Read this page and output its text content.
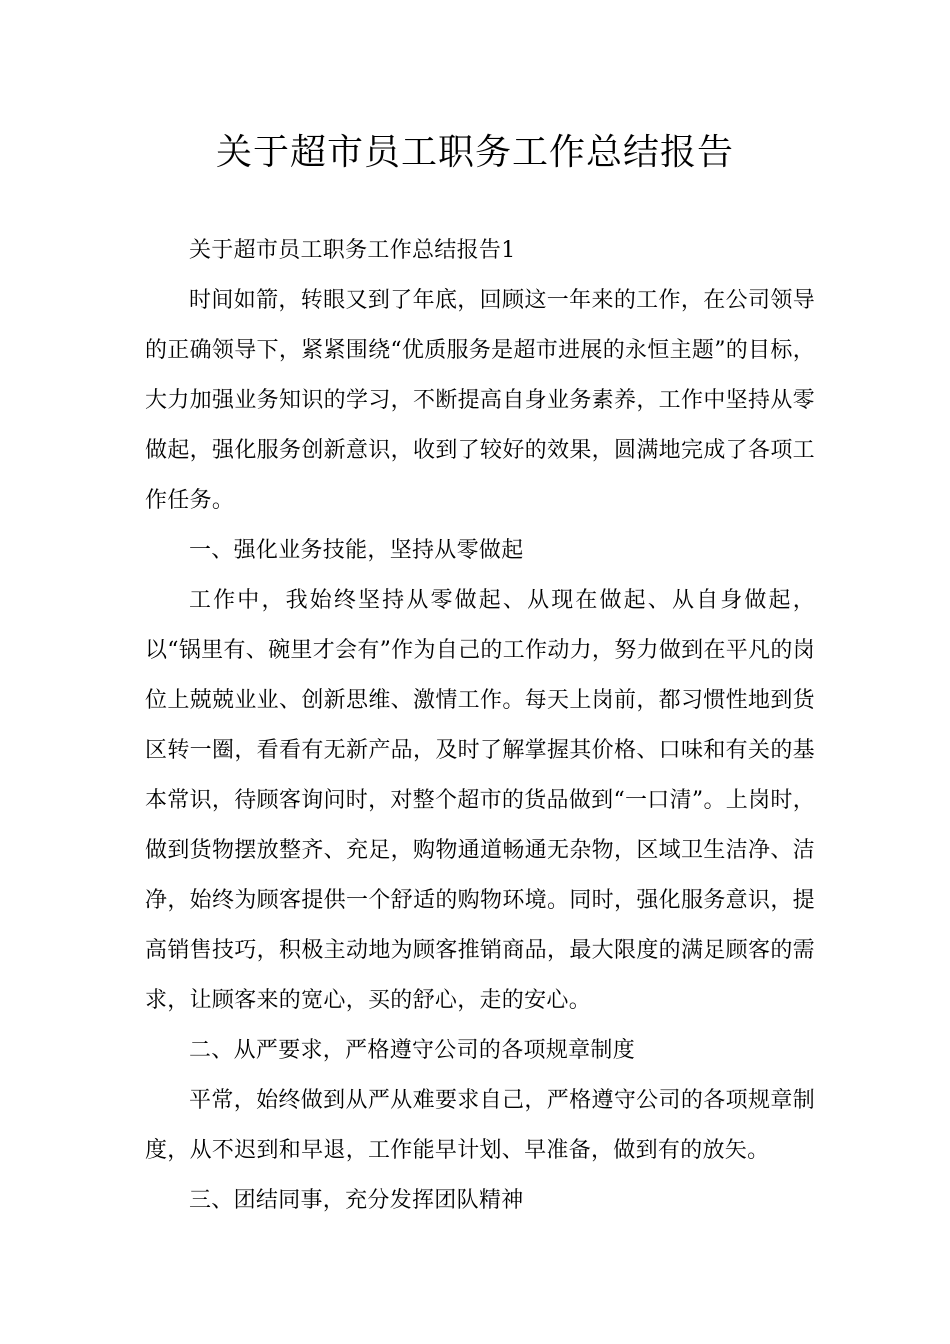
关于超市员工职务工作总结报告

关于超市员工职务工作总结报告1

时间如箭，转眼又到了年底，回顾这一年来的工作，在公司领导的正确领导下，紧紧围绕“优质服务是超市进展的永恒主题”的目标，大力加强业务知识的学习，不断提高自身业务素养，工作中坚持从零做起，强化服务创新意识，收到了较好的效果，圆满地完成了各项工作任务。

一、强化业务技能，坚持从零做起

工作中，我始终坚持从零做起、从现在做起、从自身做起，以“锅里有、碗里才会有”作为自己的工作动力，努力做到在平凡的岗位上兢兢业业、创新思维、激情工作。每天上岗前，都习惯性地到货区转一圈，看看有无新产品，及时了解掌握其价格、口味和有关的基本常识，待顾客询问时，对整个超市的货品做到“一口清”。上岗时，做到货物摆放整齐、充足，购物通道畅通无杂物，区域卫生洁净、洁净，始终为顾客提供一个舒适的购物环境。同时，强化服务意识，提高销售技巧，积极主动地为顾客推销商品，最大限度的满足顾客的需求，让顾客来的宽心，买的舒心，走的安心。

二、从严要求，严格遵守公司的各项规章制度

平常，始终做到从严从难要求自己，严格遵守公司的各项规章制度，从不迟到和早退，工作能早计划、早准备，做到有的放矢。

三、团结同事，充分发挥团队精神
